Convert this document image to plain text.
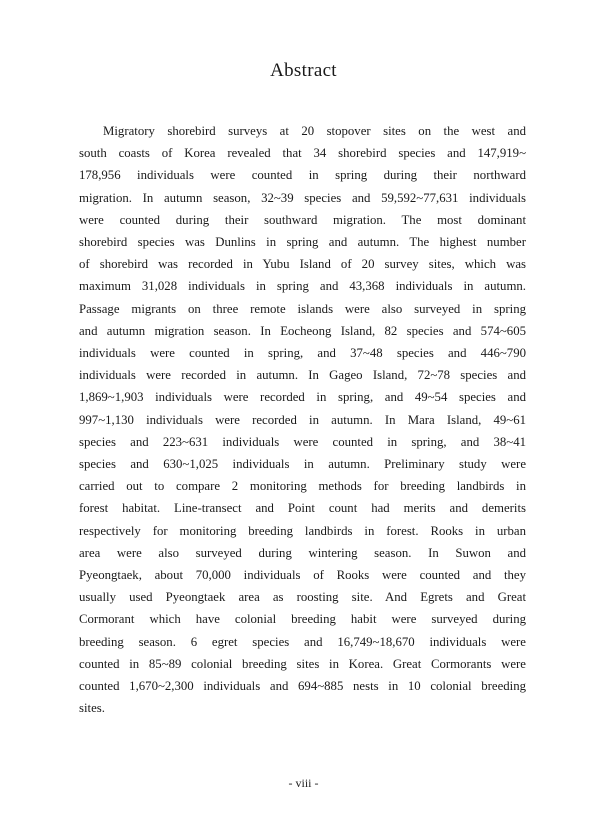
Abstract

Migratory shorebird surveys at 20 stopover sites on the west and
south coasts of Korea revealed that 34 shorebird species and 147,919~
178,956 individuals were counted in spring during their northward
migration. In autumn season, 32~39 species and 59,592~77,631 individuals
were counted during their southward migration. The most dominant
shorebird species was Dunlins in spring and autumn. The highest number
of shorebird was recorded in Yubu Island of 20 survey sites, which was
maximum 31,028 individuals in spring and 43,368 individuals in autumn.
Passage migrants on three remote islands were also surveyed in spring
and autumn migration season. In Eocheong Island, 82 species and 574~605
individuals were counted in spring, and 37~48 species and 446~790
individuals were recorded in autumn. In Gageo Island, 72~78 species and
1,869~1,903 individuals were recorded in spring, and 49~54 species and
997~1,130 individuals were recorded in autumn. In Mara Island, 49~61
species and 223~631 individuals were counted in spring, and 38~41
species and 630~1,025 individuals in autumn. Preliminary study were
carried out to compare 2 monitoring methods for breeding landbirds in
forest habitat. Line-transect and Point count had merits and demerits
respectively for monitoring breeding landbirds in forest. Rooks in urban
area were also surveyed during wintering season. In Suwon and
Pyeongtaek, about 70,000 individuals of Rooks were counted and they
usually used Pyeongtaek area as roosting site. And Egrets and Great
Cormorant which have colonial breeding habit were surveyed during
breeding season. 6 egret species and 16,749~18,670 individuals were
counted in 85~89 colonial breeding sites in Korea. Great Cormorants were
counted 1,670~2,300 individuals and 694~885 nests in 10 colonial breeding
sites.

- viii -
